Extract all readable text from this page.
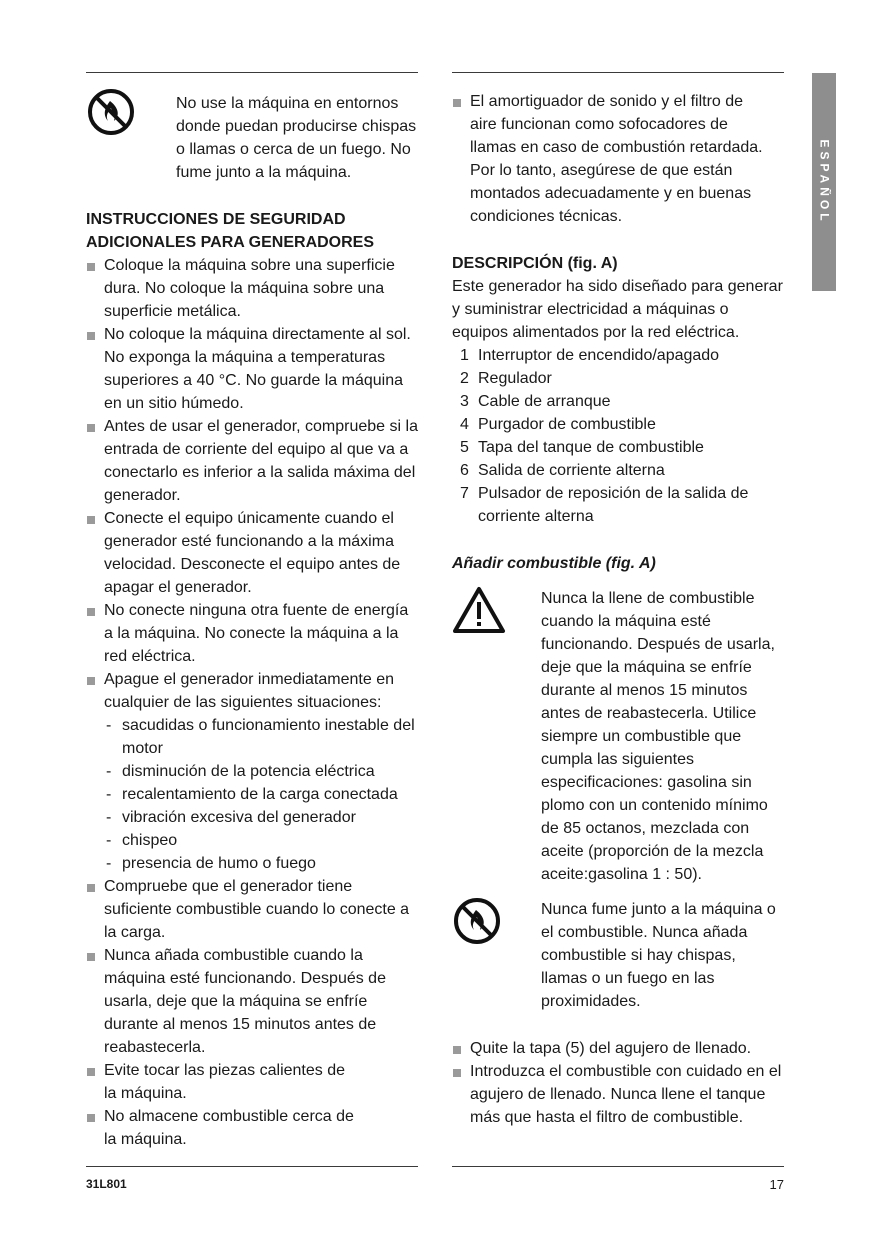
ESPAÑOL
No use la máquina en entornos donde puedan producirse chispas o llamas o cerca de un fuego. No fume junto a la máquina.
INSTRUCCIONES DE SEGURIDAD
ADICIONALES PARA GENERADORES
Coloque la máquina sobre una superficie dura. No coloque la máquina sobre una superficie metálica.
No coloque la máquina directamente al sol. No exponga la máquina a temperaturas superiores a 40 °C. No guarde la máquina en un sitio húmedo.
Antes de usar el generador, compruebe si la entrada de corriente del equipo al que va a conectarlo es inferior a la salida máxima del generador.
Conecte el equipo únicamente cuando el generador esté funcionando a la máxima velocidad. Desconecte el equipo antes de apagar el generador.
No conecte ninguna otra fuente de energía a la máquina. No conecte la máquina a la red eléctrica.
Apague el generador inmediatamente en cualquier de las siguientes situaciones:
- sacudidas o funcionamiento inestable del motor
- disminución de la potencia eléctrica
- recalentamiento de la carga conectada
- vibración excesiva del generador
- chispeo
- presencia de humo o fuego
Compruebe que el generador tiene suficiente combustible cuando lo conecte a la carga.
Nunca añada combustible cuando la máquina esté funcionando. Después de usarla, deje que la máquina se enfríe durante al menos 15 minutos antes de reabastecerla.
Evite tocar las piezas calientes de la máquina.
No almacene combustible cerca de la máquina.
El amortiguador de sonido y el filtro de aire funcionan como sofocadores de llamas en caso de combustión retardada. Por lo tanto, asegúrese de que están montados adecuadamente y en buenas condiciones técnicas.
DESCRIPCIÓN (fig. A)
Este generador ha sido diseñado para generar y suministrar electricidad a máquinas o equipos alimentados por la red eléctrica.
1 Interruptor de encendido/apagado
2 Regulador
3 Cable de arranque
4 Purgador de combustible
5 Tapa del tanque de combustible
6 Salida de corriente alterna
7 Pulsador de reposición de la salida de corriente alterna
Añadir combustible (fig. A)
Nunca la llene de combustible cuando la máquina esté funcionando. Después de usarla, deje que la máquina se enfríe durante al menos 15 minutos antes de reabastecerla. Utilice siempre un combustible que cumpla las siguientes especificaciones: gasolina sin plomo con un contenido mínimo de 85 octanos, mezclada con aceite (proporción de la mezcla aceite:gasolina 1 : 50).
Nunca fume junto a la máquina o el combustible. Nunca añada combustible si hay chispas, llamas o un fuego en las proximidades.
Quite la tapa (5) del agujero de llenado.
Introduzca el combustible con cuidado en el agujero de llenado. Nunca llene el tanque más que hasta el filtro de combustible.
31L801	17
